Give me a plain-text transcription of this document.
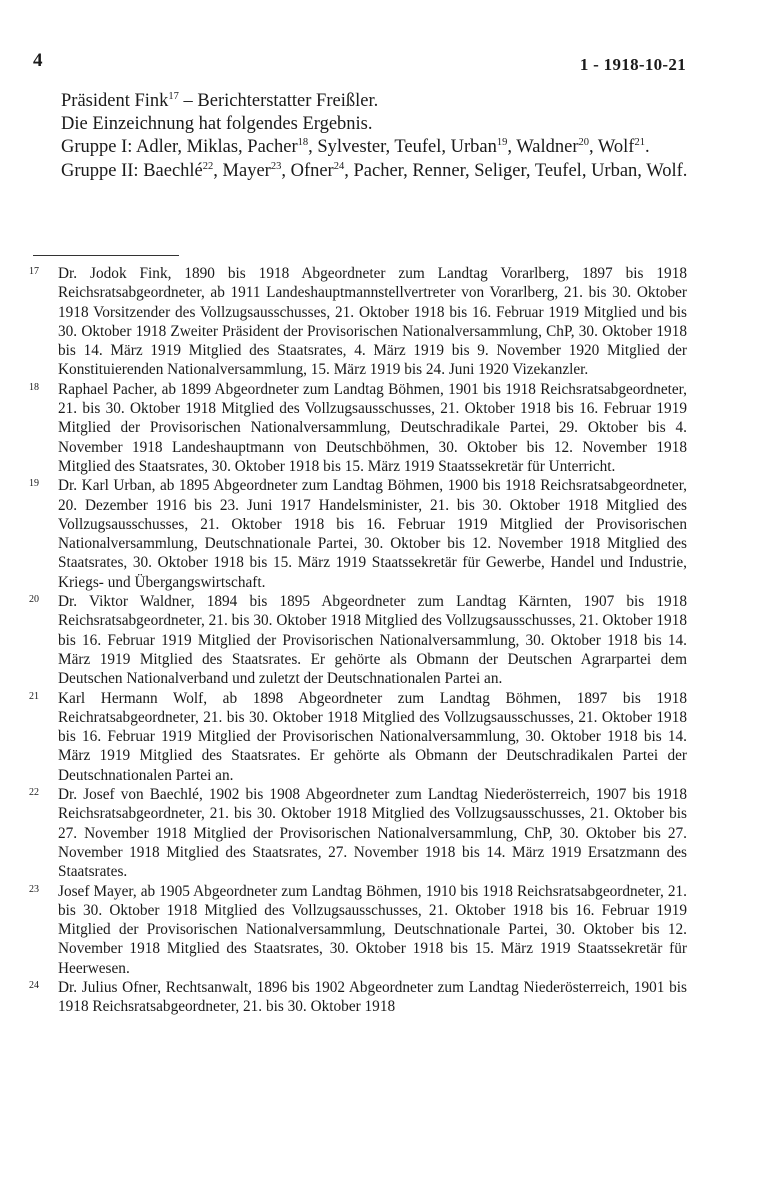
4	1 - 1918-10-21

Präsident Fink$^{17}$ – Berichterstatter Freißler.

Die Einzeichnung hat folgendes Ergebnis.

Gruppe I: Adler, Miklas, Pacher$^{18}$, Sylvester, Teufel, Urban$^{19}$, Waldner$^{20}$, Wolf$^{21}$.

Gruppe II: Baechlé$^{22}$, Mayer$^{23}$, Ofner$^{24}$, Pacher, Renner, Seliger, Teufel, Urban, Wolf.

17 Dr. Jodok Fink, 1890 bis 1918 Abgeordneter zum Landtag Vorarlberg, 1897 bis 1918 Reichsratsabgeordneter, ab 1911 Landeshauptmannstellvertreter von Vorarlberg, 21. bis 30. Oktober 1918 Vorsitzender des Vollzugsausschusses, 21. Oktober 1918 bis 16. Februar 1919 Mitglied und bis 30. Oktober 1918 Zweiter Präsident der Provisorischen Nationalversammlung, ChP, 30. Oktober 1918 bis 14. März 1919 Mitglied des Staatsrates, 4. März 1919 bis 9. November 1920 Mitglied der Konstituierenden Nationalversammlung, 15. März 1919 bis 24. Juni 1920 Vizekanzler.
18 Raphael Pacher, ab 1899 Abgeordneter zum Landtag Böhmen, 1901 bis 1918 Reichsratsabgeordneter, 21. bis 30. Oktober 1918 Mitglied des Vollzugsausschusses, 21. Oktober 1918 bis 16. Februar 1919 Mitglied der Provisorischen Nationalversammlung, Deutschradikale Partei, 29. Oktober bis 4. November 1918 Landeshauptmann von Deutschböhmen, 30. Oktober bis 12. November 1918 Mitglied des Staatsrates, 30. Oktober 1918 bis 15. März 1919 Staatssekretär für Unterricht.
19 Dr. Karl Urban, ab 1895 Abgeordneter zum Landtag Böhmen, 1900 bis 1918 Reichsratsabgeordneter, 20. Dezember 1916 bis 23. Juni 1917 Handelsminister, 21. bis 30. Oktober 1918 Mitglied des Vollzugsausschusses, 21. Oktober 1918 bis 16. Februar 1919 Mitglied der Provisorischen Nationalversammlung, Deutschnationale Partei, 30. Oktober bis 12. November 1918 Mitglied des Staatsrates, 30. Oktober 1918 bis 15. März 1919 Staatssekretär für Gewerbe, Handel und Industrie, Kriegs- und Übergangswirtschaft.
20 Dr. Viktor Waldner, 1894 bis 1895 Abgeordneter zum Landtag Kärnten, 1907 bis 1918 Reichsratsabgeordneter, 21. bis 30. Oktober 1918 Mitglied des Vollzugsausschusses, 21. Oktober 1918 bis 16. Februar 1919 Mitglied der Provisorischen Nationalversammlung, 30. Oktober 1918 bis 14. März 1919 Mitglied des Staatsrates. Er gehörte als Obmann der Deutschen Agrarpartei dem Deutschen Nationalverband und zuletzt der Deutschnationalen Partei an.
21 Karl Hermann Wolf, ab 1898 Abgeordneter zum Landtag Böhmen, 1897 bis 1918 Reichratsabgeordneter, 21. bis 30. Oktober 1918 Mitglied des Vollzugsausschusses, 21. Oktober 1918 bis 16. Februar 1919 Mitglied der Provisorischen Nationalversammlung, 30. Oktober 1918 bis 14. März 1919 Mitglied des Staatsrates. Er gehörte als Obmann der Deutschradikalen Partei der Deutschnationalen Partei an.
22 Dr. Josef von Baechlé, 1902 bis 1908 Abgeordneter zum Landtag Niederösterreich, 1907 bis 1918 Reichsratsabgeordneter, 21. bis 30. Oktober 1918 Mitglied des Vollzugsausschusses, 21. Oktober bis 27. November 1918 Mitglied der Provisorischen Nationalversammlung, ChP, 30. Oktober bis 27. November 1918 Mitglied des Staatsrates, 27. November 1918 bis 14. März 1919 Ersatzmann des Staatsrates.
23 Josef Mayer, ab 1905 Abgeordneter zum Landtag Böhmen, 1910 bis 1918 Reichsratsabgeordneter, 21. bis 30. Oktober 1918 Mitglied des Vollzugsausschusses, 21. Oktober 1918 bis 16. Februar 1919 Mitglied der Provisorischen Nationalversammlung, Deutschnationale Partei, 30. Oktober bis 12. November 1918 Mitglied des Staatsrates, 30. Oktober 1918 bis 15. März 1919 Staatssekretär für Heerwesen.
24 Dr. Julius Ofner, Rechtsanwalt, 1896 bis 1902 Abgeordneter zum Landtag Niederösterreich, 1901 bis 1918 Reichsratsabgeordneter, 21. bis 30. Oktober 1918
